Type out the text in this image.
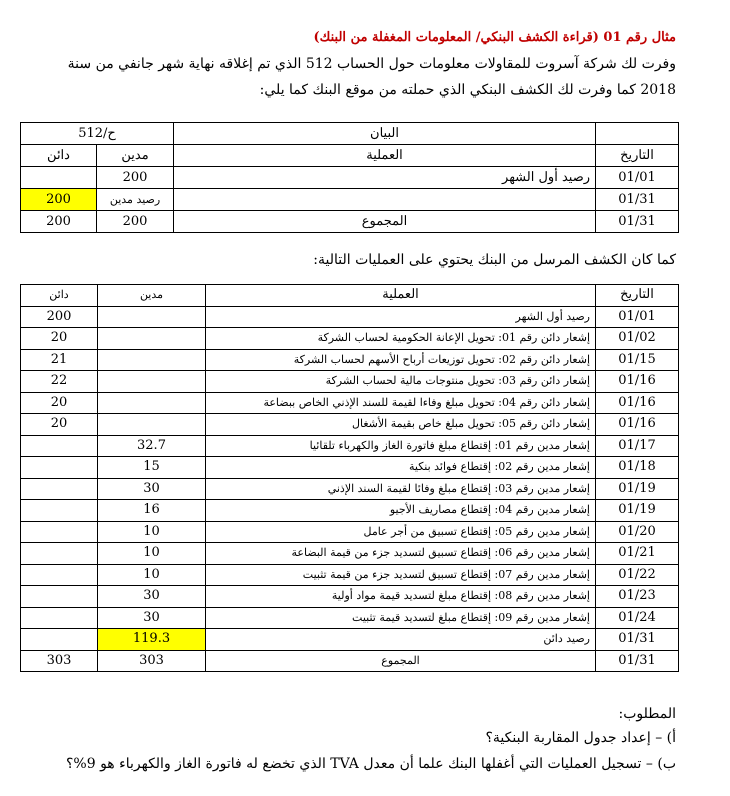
مثال رقم 01 (قراءة الكشف البنكي/ المعلومات المغفلة من البنك)
وفرت لك شركة آسروت للمقاولات معلومات حول الحساب 512 الذي تم إغلاقه نهاية شهر جانفي من سنة
2018 كما وفرت لك الكشف البنكي الذي حملته من موقع البنك كما يلي:
	البيان	ح/512	
التاريخ	العملية	مدين	دائن
01/01	رصيد أول الشهر	200	
01/31		رصيد مدين	200
01/31	المجموع	200	200
كما كان الكشف المرسل من البنك يحتوي على العمليات التالية:
التاريخ	العملية	مدين	دائن
01/01	رصيد أول الشهر		200
01/02	إشعار دائن رقم 01: تحويل الإعانة الحكومية لحساب الشركة		20
01/15	إشعار دائن رقم 02: تحويل توزيعات أرباح الأسهم لحساب الشركة		21
01/16	إشعار دائن رقم 03: تحويل منتوجات مالية لحساب الشركة		22
01/16	إشعار دائن رقم 04: تحويل مبلغ وفاءا لقيمة للسند الإذني الخاص ببضاعة		20
01/16	إشعار دائن رقم 05: تحويل مبلغ خاص بقيمة الأشغال		20
01/17	إشعار مدين رقم 01: إقتطاع مبلغ فاتورة الغاز والكهرباء تلقائيا	32.7	
01/18	إشعار مدين رقم 02: إقتطاع فوائد بنكية	15	
01/19	إشعار مدين رقم 03: إقتطاع مبلغ وفائا لقيمة السند الإذني	30	
01/19	إشعار مدين رقم 04: إقتطاع مصاريف الأجيو	16	
01/20	إشعار مدين رقم 05: إقتطاع تسبيق من أجر عامل	10	
01/21	إشعار مدين رقم 06: إقتطاع تسبيق لتسديد جزء من قيمة البضاعة	10	
01/22	إشعار مدين رقم 07: إقتطاع تسبيق لتسديد جزء من قيمة تثبيت	10	
01/23	إشعار مدين رقم 08: إقتطاع مبلغ لتسديد قيمة مواد أولية	30	
01/24	إشعار مدين رقم 09: إقتطاع مبلغ لتسديد قيمة تثبيت	30	
01/31	رصيد دائن	119.3	
01/31	المجموع	303	303
المطلوب:
أ) – إعداد جدول المقاربة البنكية؟
ب) – تسجيل العمليات التي أغفلها البنك علما أن معدل TVA الذي تخضع له فاتورة الغاز والكهرباء هو 9%؟
